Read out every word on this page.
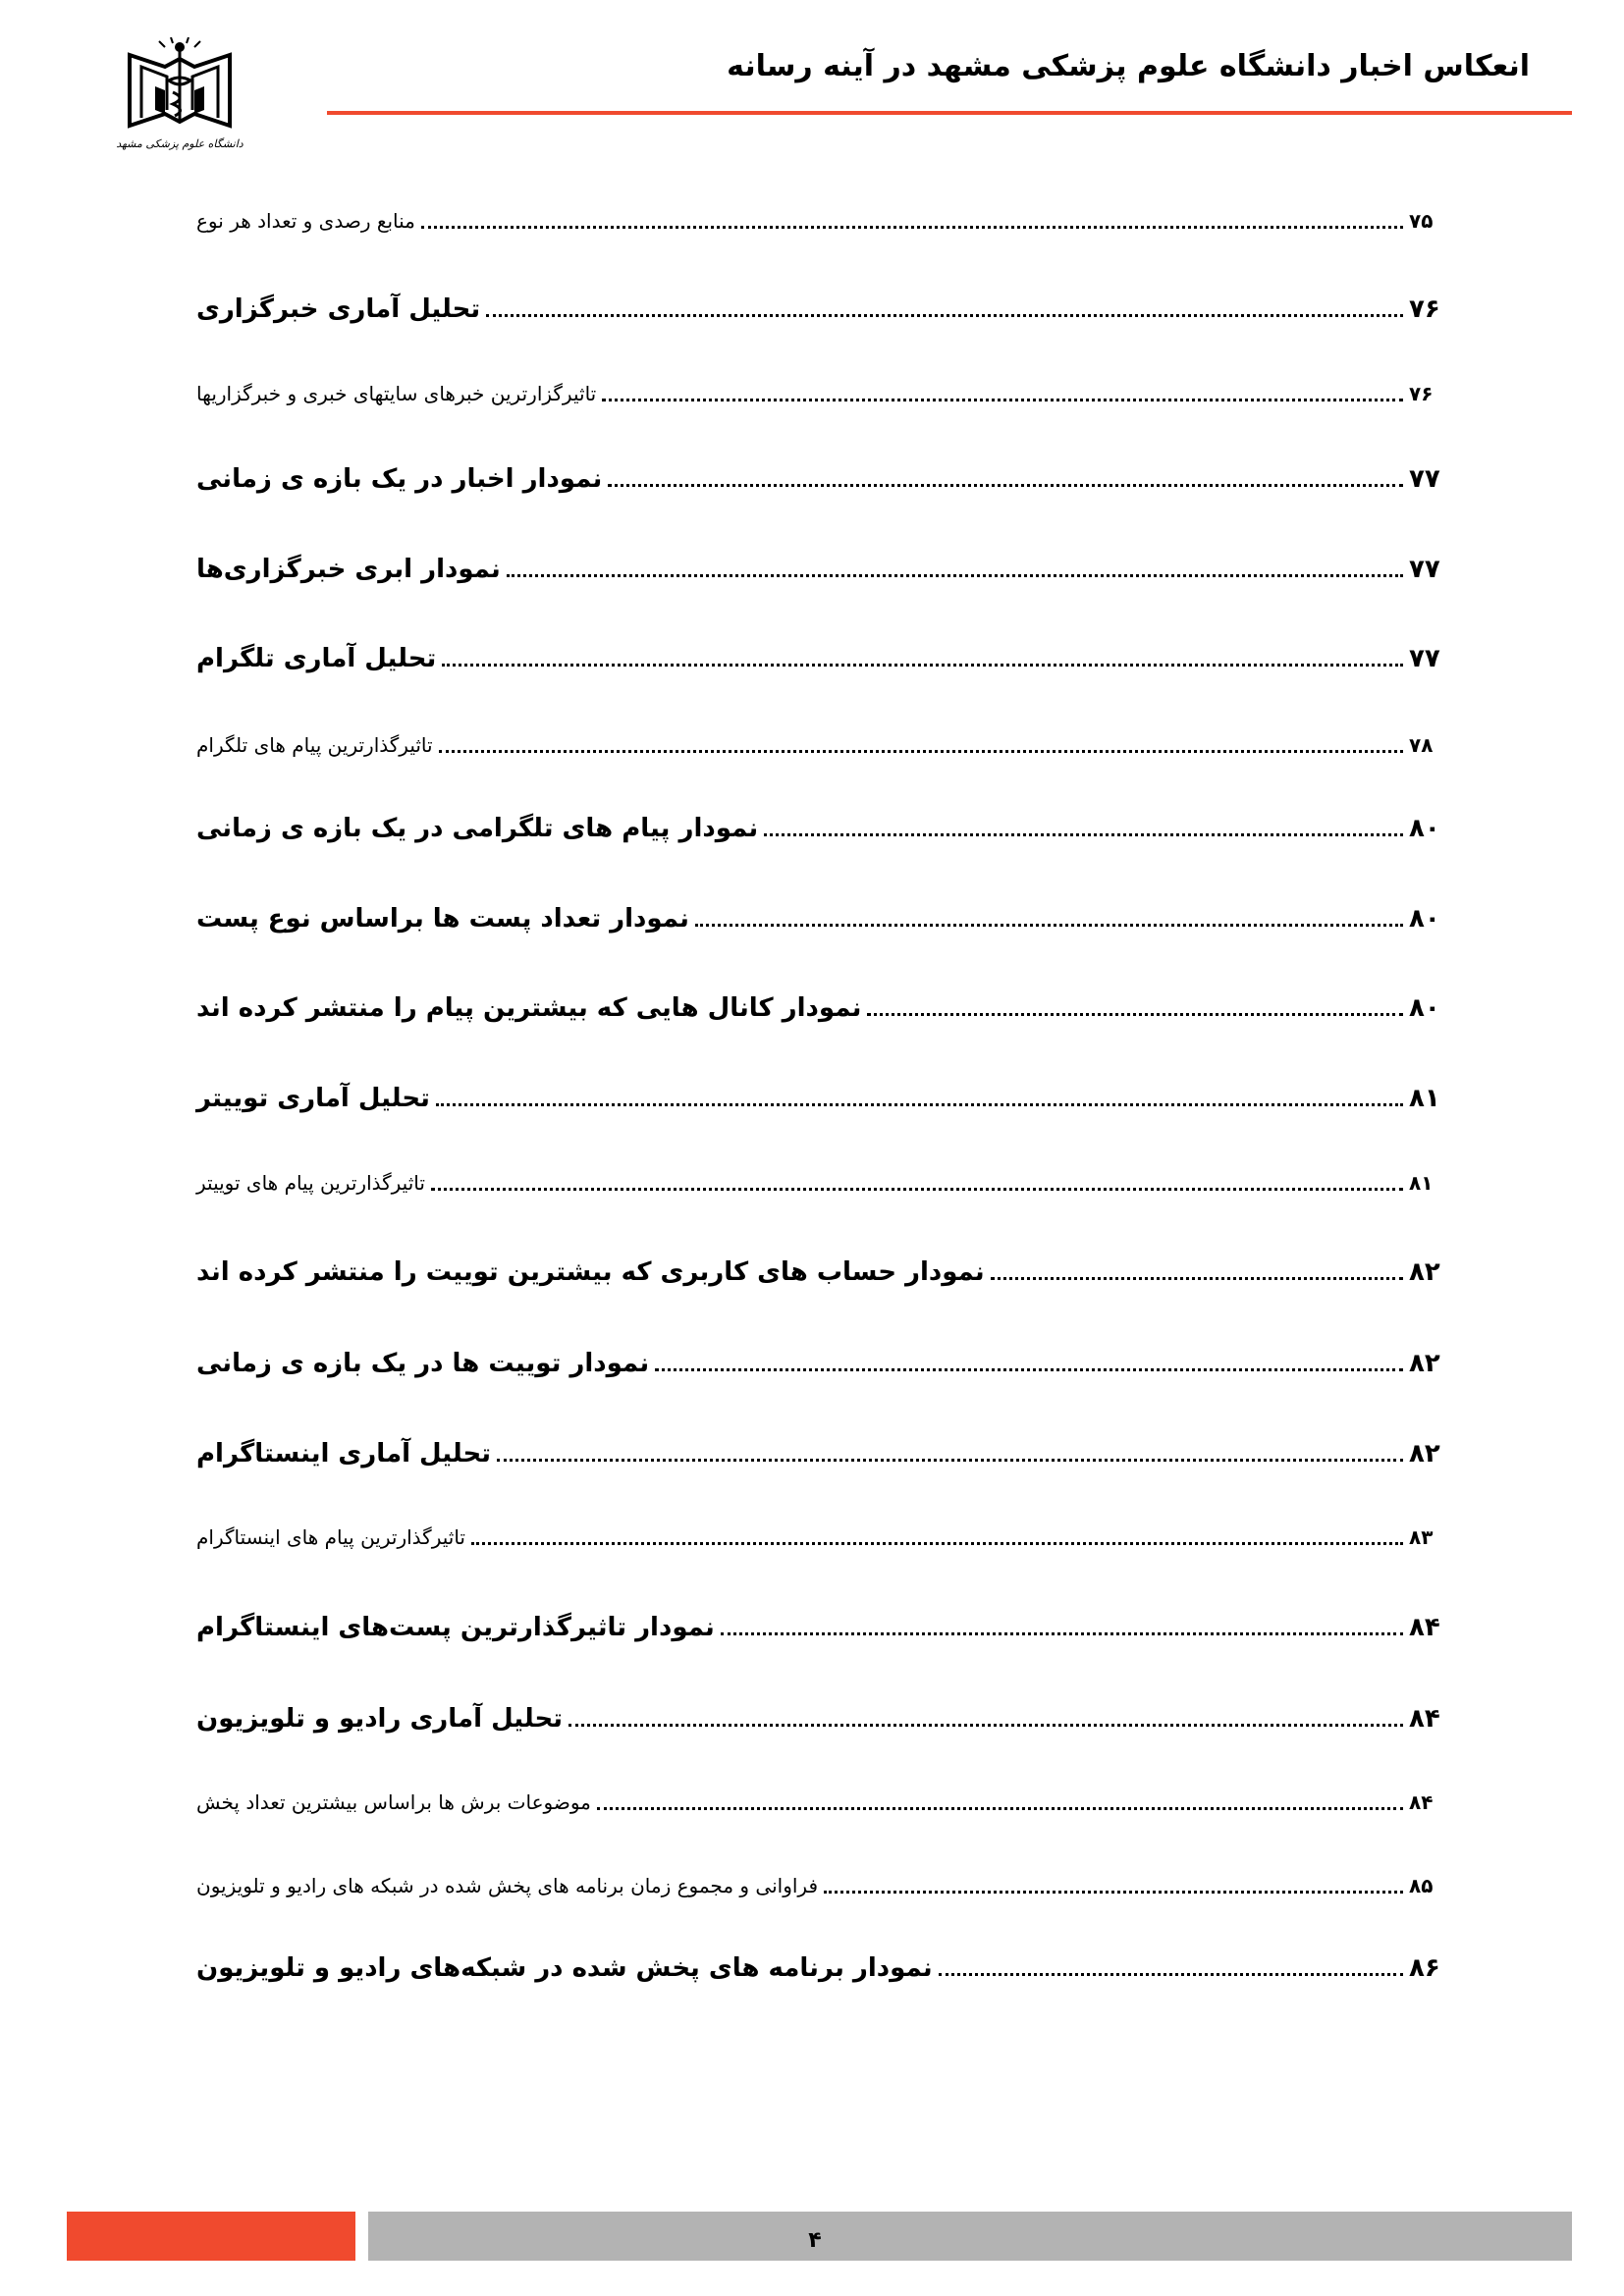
انعکاس اخبار دانشگاه علوم پزشکی مشهد در آینه رسانه
دانشگاه علوم پزشکی مشهد
منابع رصدی و تعداد هر نوع	۷۵
تحلیل آماری خبرگزاری	۷۶
تاثیرگزارترین خبرهای سایتهای خبری و خبرگزاریها	۷۶
نمودار اخبار در یک بازه ی زمانی	۷۷
نمودار ابری خبرگزاری‌ها	۷۷
تحلیل آماری تلگرام	۷۷
تاثیرگذارترین پیام های تلگرام	۷۸
نمودار پیام های تلگرامی در یک بازه ی زمانی	۸۰
نمودار تعداد پست ها براساس نوع پست	۸۰
نمودار کانال هایی که بیشترین پیام را منتشر کرده اند	۸۰
تحلیل آماری توییتر	۸۱
تاثیرگذارترین پیام های توییتر	۸۱
نمودار حساب های کاربری که بیشترین توییت را منتشر کرده اند	۸۲
نمودار توییت ها در یک بازه ی زمانی	۸۲
تحلیل آماری اینستاگرام	۸۲
تاثیرگذارترین پیام های اینستاگرام	۸۳
نمودار تاثیرگذارترین پست‌های اینستاگرام	۸۴
تحلیل آماری رادیو و تلویزیون	۸۴
موضوعات برش ها براساس بیشترین تعداد پخش	۸۴
فراوانی و مجموع زمان برنامه های پخش شده در شبکه های رادیو و تلویزیون	۸۵
نمودار برنامه های پخش شده در شبکه‌های رادیو و تلویزیون	۸۶
۴
